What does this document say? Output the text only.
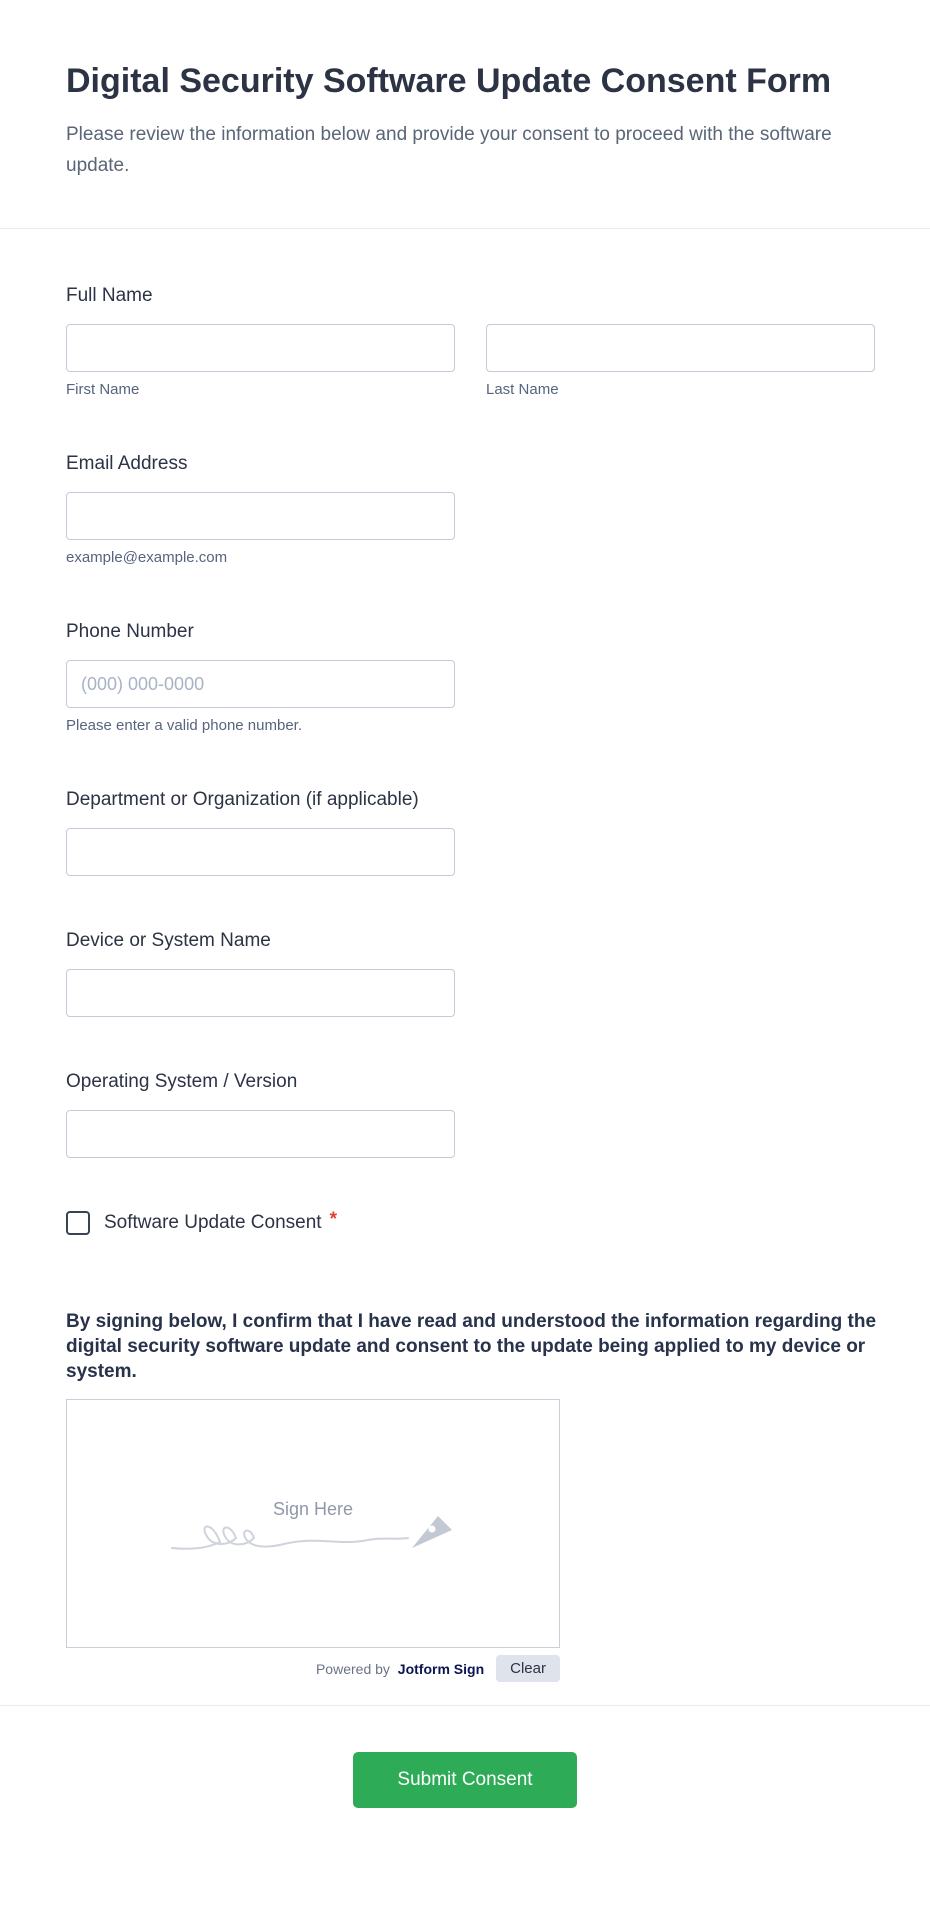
Digital Security Software Update Consent Form

Please review the information below and provide your consent to proceed with the software update.

Full Name
First Name	Last Name
Email Address
example@example.com
Phone Number
(000) 000-0000
Please enter a valid phone number.
Department or Organization (if applicable)
Device or System Name
Operating System / Version
Software Update Consent *

By signing below, I confirm that I have read and understood the information regarding the digital security software update and consent to the update being applied to my device or system.

Sign Here
Powered by Jotform Sign	Clear
Submit Consent
